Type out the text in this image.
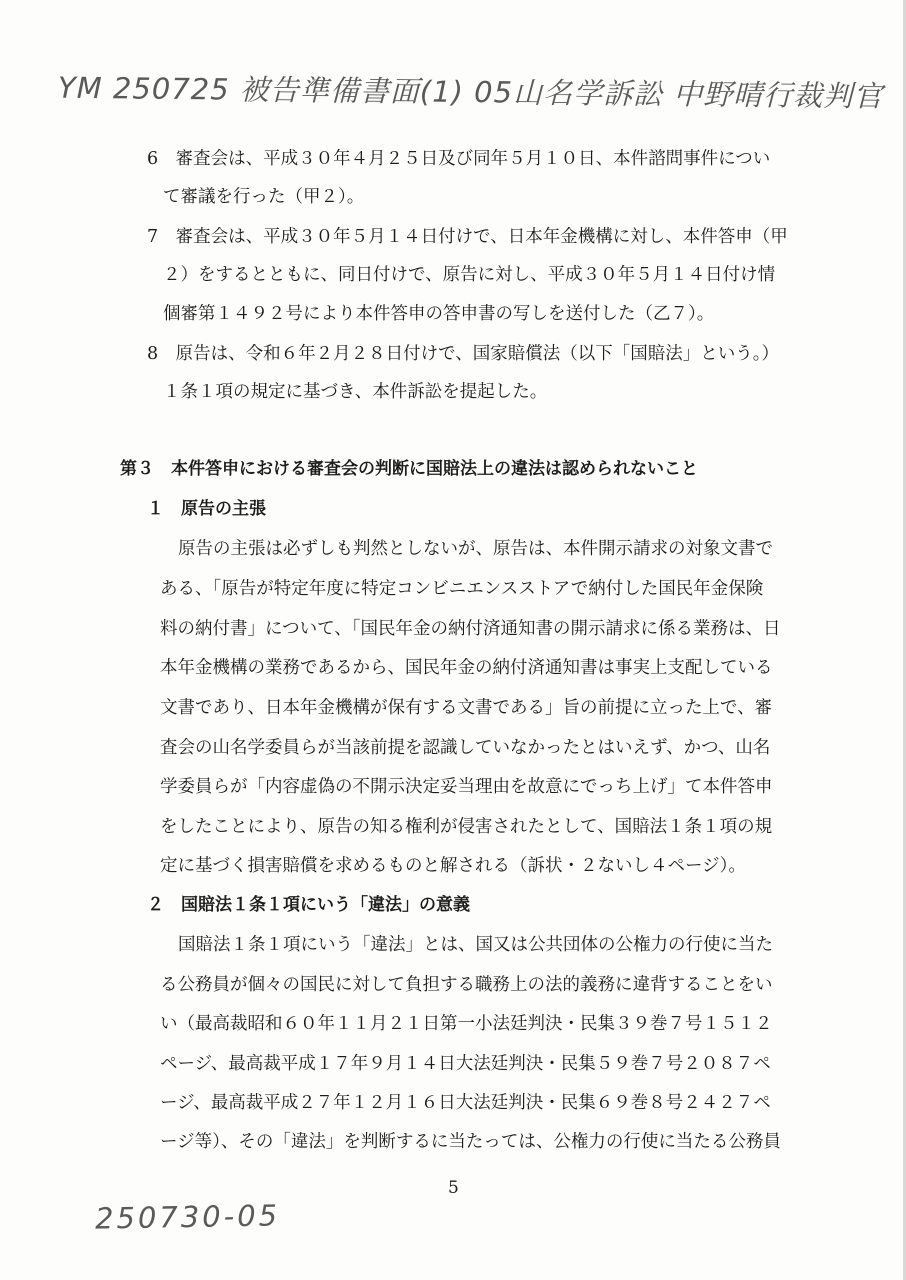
YM 250725 被告準備書面(1) 05山名学訴訟 中野晴行裁判官
6　審査会は、平成３０年４月２５日及び同年５月１０日、本件諮問事件につい
て審議を行った（甲２）。
7　審査会は、平成３０年５月１４日付けで、日本年金機構に対し、本件答申（甲
２）をするとともに、同日付けで、原告に対し、平成３０年５月１４日付け情
個審第１４９２号により本件答申の答申書の写しを送付した（乙７）。
8　原告は、令和６年２月２８日付けで、国家賠償法（以下「国賠法」という。）
１条１項の規定に基づき、本件訴訟を提起した。
第３　本件答申における審査会の判断に国賠法上の違法は認められないこと
１　原告の主張
原告の主張は必ずしも判然としないが、原告は、本件開示請求の対象文書で
ある、「原告が特定年度に特定コンビニエンスストアで納付した国民年金保険
料の納付書」について、「国民年金の納付済通知書の開示請求に係る業務は、日
本年金機構の業務であるから、国民年金の納付済通知書は事実上支配している
文書であり、日本年金機構が保有する文書である」旨の前提に立った上で、審
査会の山名学委員らが当該前提を認識していなかったとはいえず、かつ、山名
学委員らが「内容虚偽の不開示決定妥当理由を故意にでっち上げ」て本件答申
をしたことにより、原告の知る権利が侵害されたとして、国賠法１条１項の規
定に基づく損害賠償を求めるものと解される（訴状・２ないし４ページ）。
２　国賠法１条１項にいう「違法」の意義
国賠法１条１項にいう「違法」とは、国又は公共団体の公権力の行使に当た
る公務員が個々の国民に対して負担する職務上の法的義務に違背することをい
い（最高裁昭和６０年１１月２１日第一小法廷判決・民集３９巻７号１５１２
ページ、最高裁平成１７年９月１４日大法廷判決・民集５９巻７号２０８７ペ
ージ、最高裁平成２７年１２月１６日大法廷判決・民集６９巻８号２４２７ペ
ージ等）、その「違法」を判断するに当たっては、公権力の行使に当たる公務員
5
250730-05
